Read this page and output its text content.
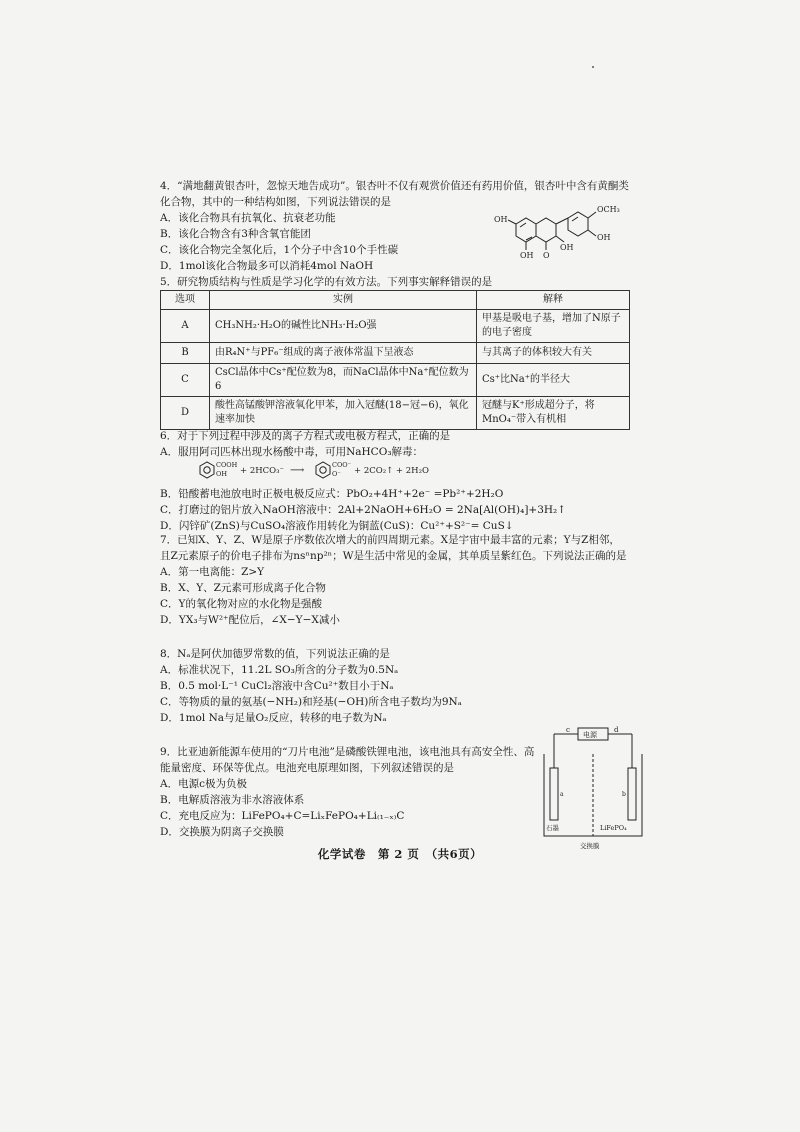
4．“满地翻黄银杏叶，忽惊天地告成功”。银杏叶不仅有观赏价值还有药用价值，银杏叶中含有黄酮类化合物，其中的一种结构如图，下列说法错误的是

A．该化合物具有抗氧化、抗衰老功能

B．该化合物含有3种含氧官能团

C．该化合物完全氢化后，1个分子中含10个手性碳

D．1mol该化合物最多可以消耗4mol NaOH

OH
OH O
OH
OCH₃
OH

5．研究物质结构与性质是学习化学的有效方法。下列事实解释错误的是

选项	实例	解释
A	CH₃NH₂·H₂O的碱性比NH₃·H₂O强	甲基是吸电子基，增加了N原子的电子密度
B	由R₄N⁺与PF₆⁻组成的离子液体常温下呈液态	与其离子的体积较大有关
C	CsCl晶体中Cs⁺配位数为8，而NaCl晶体中Na⁺配位数为6	Cs⁺比Na⁺的半径大
D	酸性高锰酸钾溶液氧化甲苯，加入冠醚(18−冠−6)，氧化速率加快	冠醚与K⁺形成超分子，将MnO₄⁻带入有机相

6．对于下列过程中涉及的离子方程式或电极方程式，正确的是

A．服用阿司匹林出现水杨酸中毒，可用NaHCO₃解毒：

B．铅酸蓄电池放电时正极电极反应式：PbO₂+4H⁺+2e⁻ =Pb²⁺+2H₂O

C．打磨过的铝片放入NaOH溶液中：2Al+2NaOH+6H₂O = 2Na[Al(OH)₄]+3H₂↑

D．闪锌矿(ZnS)与CuSO₄溶液作用转化为铜蓝(CuS)：Cu²⁺+S²⁻= CuS↓

COOH
OH + 2HCO₃⁻ ⟶	COO⁻
O⁻ + 2CO₂↑ + 2H₂O

7．已知X、Y、Z、W是原子序数依次增大的前四周期元素。X是宇宙中最丰富的元素；Y与Z相邻，且Z元素原子的价电子排布为nsⁿnp²ⁿ；W是生活中常见的金属，其单质呈紫红色。下列说法正确的是

A．第一电离能：Z>Y

B．X、Y、Z元素可形成离子化合物

C．Y的氧化物对应的水化物是强酸

D．YX₃与W²⁺配位后，∠X−Y−X减小

8．Nₐ是阿伏加德罗常数的值，下列说法正确的是

A．标准状况下，11.2L SO₃所含的分子数为0.5Nₐ

B．0.5 mol·L⁻¹ CuCl₂溶液中含Cu²⁺数目小于Nₐ

C．等物质的量的氨基(−NH₂)和羟基(−OH)所含电子数均为9Nₐ

D．1mol Na与足量O₂反应，转移的电子数为Nₐ

9．比亚迪新能源车使用的“刀片电池”是磷酸铁锂电池，该电池具有高安全性、高能量密度、环保等优点。电池充电原理如图，下列叙述错误的是

A．电源c极为负极

B．电解质溶液为非水溶液体系

C．充电反应为：LiFePO₄+C=LiₓFePO₄+Li₍₁₋ₓ₎C

D．交换膜为阴离子交换膜

电源
c	d
a	b
石墨	LiFePO₄
交换膜
化学试卷　第 2 页　（共6页）
